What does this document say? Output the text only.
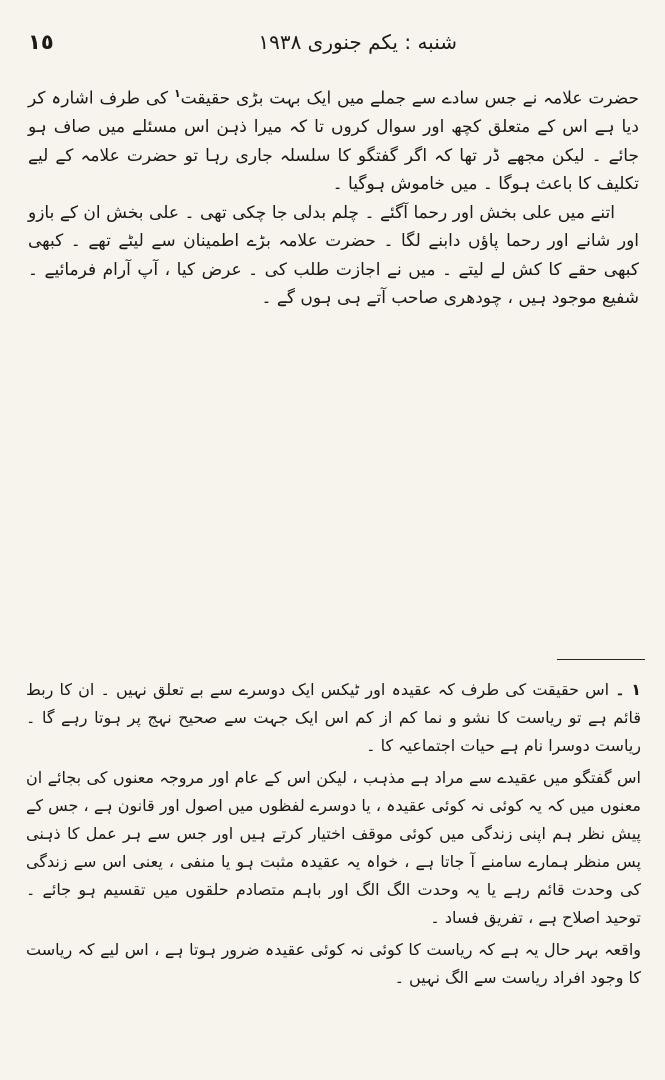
١٥	شنبه : یکم جنوری ۱۹۳۸

حضرت علامہ نے جس سادے سے جملے میں ایک بہت بڑی حقیقت$^١$ کی طرف اشارہ کر دیا ہے اس کے متعلق کچھ اور سوال کروں تا کہ میرا ذہن اس مسئلے میں صاف ہو جائے ۔ لیکن مجھے ڈر تھا کہ اگر گفتگو کا سلسلہ جاری رہا تو حضرت علامہ کے لیے تکلیف کا باعث ہوگا ۔ میں خاموش ہوگیا ۔

اتنے میں علی بخش اور رحما آگئے ۔ چلم بدلی جا چکی تھی ۔ علی بخش ان کے بازو اور شانے اور رحما پاؤں دابنے لگا ۔ حضرت علامہ بڑے اطمینان سے لیٹے تھے ۔ کبھی کبھی حقے کا کش لے لیتے ۔ میں نے اجازت طلب کی ۔ عرض کیا ، آپ آرام فرمائیے ۔ شفیع موجود ہیں ، چودھری صاحب آتے ہی ہوں گے ۔

١ ۔ اس حقیقت کی طرف کہ عقیدہ اور ٹیکس ایک دوسرے سے بے تعلق نہیں ۔ ان کا ربط قائم ہے تو ریاست کا نشو و نما کم از کم اس ایک جہت سے صحیح نہج پر ہوتا رہے گا ۔ ریاست دوسرا نام ہے حیات اجتماعیہ کا ۔

اس گفتگو میں عقیدے سے مراد ہے مذہب ، لیکن اس کے عام اور مروجہ معنوں کی بجائے ان معنوں میں کہ یہ کوئی نہ کوئی عقیدہ ، یا دوسرے لفظوں میں اصول اور قانون ہے ، جس کے پیش نظر ہم اپنی زندگی میں کوئی موقف اختیار کرتے ہیں اور جس سے ہر عمل کا ذہنی پس منظر ہمارے سامنے آ جاتا ہے ، خواہ یہ عقیدہ مثبت ہو یا منفی ، یعنی اس سے زندگی کی وحدت قائم رہے یا یہ وحدت الگ الگ اور باہم متصادم حلقوں میں تقسیم ہو جائے ۔ توحید اصلاح ہے ، تفریق فساد ۔

واقعہ بہر حال یہ ہے کہ ریاست کا کوئی نہ کوئی عقیدہ ضرور ہوتا ہے ، اس لیے کہ ریاست کا وجود افراد ریاست سے الگ نہیں ۔
